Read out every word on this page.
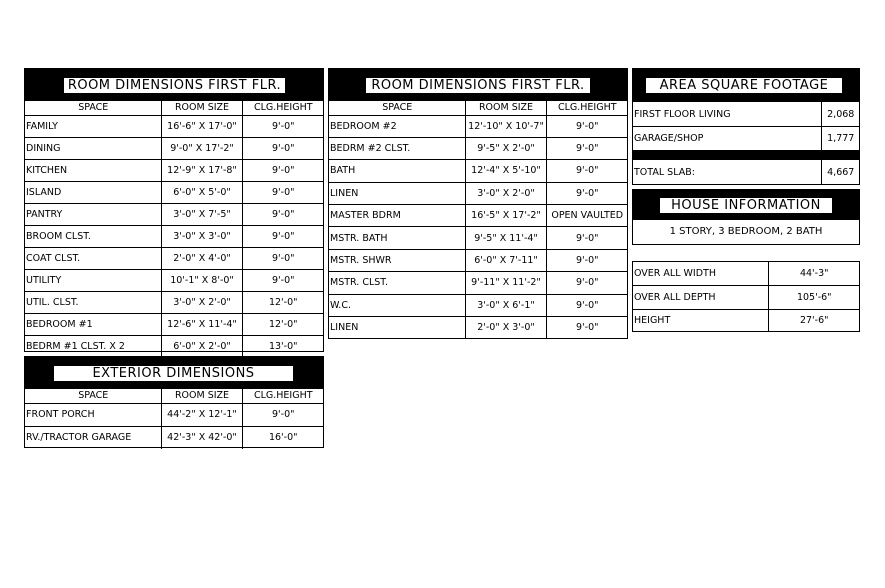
ROOM DIMENSIONS FIRST FLR.
SPACE	ROOM SIZE	CLG.HEIGHT
FAMILY	16'-6" X 17'-0"	9'-0"
DINING	9'-0" X 17'-2"	9'-0"
KITCHEN	12'-9" X 17'-8"	9'-0"
ISLAND	6'-0" X 5'-0"	9'-0"
PANTRY	3'-0" X 7'-5"	9'-0"
BROOM CLST.	3'-0" X 3'-0"	9'-0"
COAT CLST.	2'-0" X 4'-0"	9'-0"
UTILITY	10'-1" X 8'-0"	9'-0"
UTIL. CLST.	3'-0" X 2'-0"	12'-0"
BEDROOM #1	12'-6" X 11'-4"	12'-0"
BEDRM #1 CLST. X 2	6'-0" X 2'-0"	13'-0"
ROOM DIMENSIONS FIRST FLR.
SPACE	ROOM SIZE	CLG.HEIGHT
BEDROOM #2	12'-10" X 10'-7"	9'-0"
BEDRM #2 CLST.	9'-5" X 2'-0"	9'-0"
BATH	12'-4" X 5'-10"	9'-0"
LINEN	3'-0" X 2'-0"	9'-0"
MASTER BDRM	16'-5" X 17'-2"	OPEN VAULTED
MSTR. BATH	9'-5" X 11'-4"	9'-0"
MSTR. SHWR	6'-0" X 7'-11"	9'-0"
MSTR. CLST.	9'-11" X 11'-2"	9'-0"
W.C.	3'-0" X 6'-1"	9'-0"
LINEN	2'-0" X 3'-0"	9'-0"
EXTERIOR DIMENSIONS
SPACE	ROOM SIZE	CLG.HEIGHT
FRONT PORCH	44'-2" X 12'-1"	9'-0"
RV./TRACTOR GARAGE	42'-3" X 42'-0"	16'-0"
AREA SQUARE FOOTAGE
FIRST FLOOR LIVING	2,068
GARAGE/SHOP	1,777

TOTAL SLAB:	4,667
HOUSE INFORMATION
1 STORY, 3 BEDROOM, 2 BATH
OVER ALL WIDTH	44'-3"
OVER ALL DEPTH	105'-6"
HEIGHT	27'-6"
